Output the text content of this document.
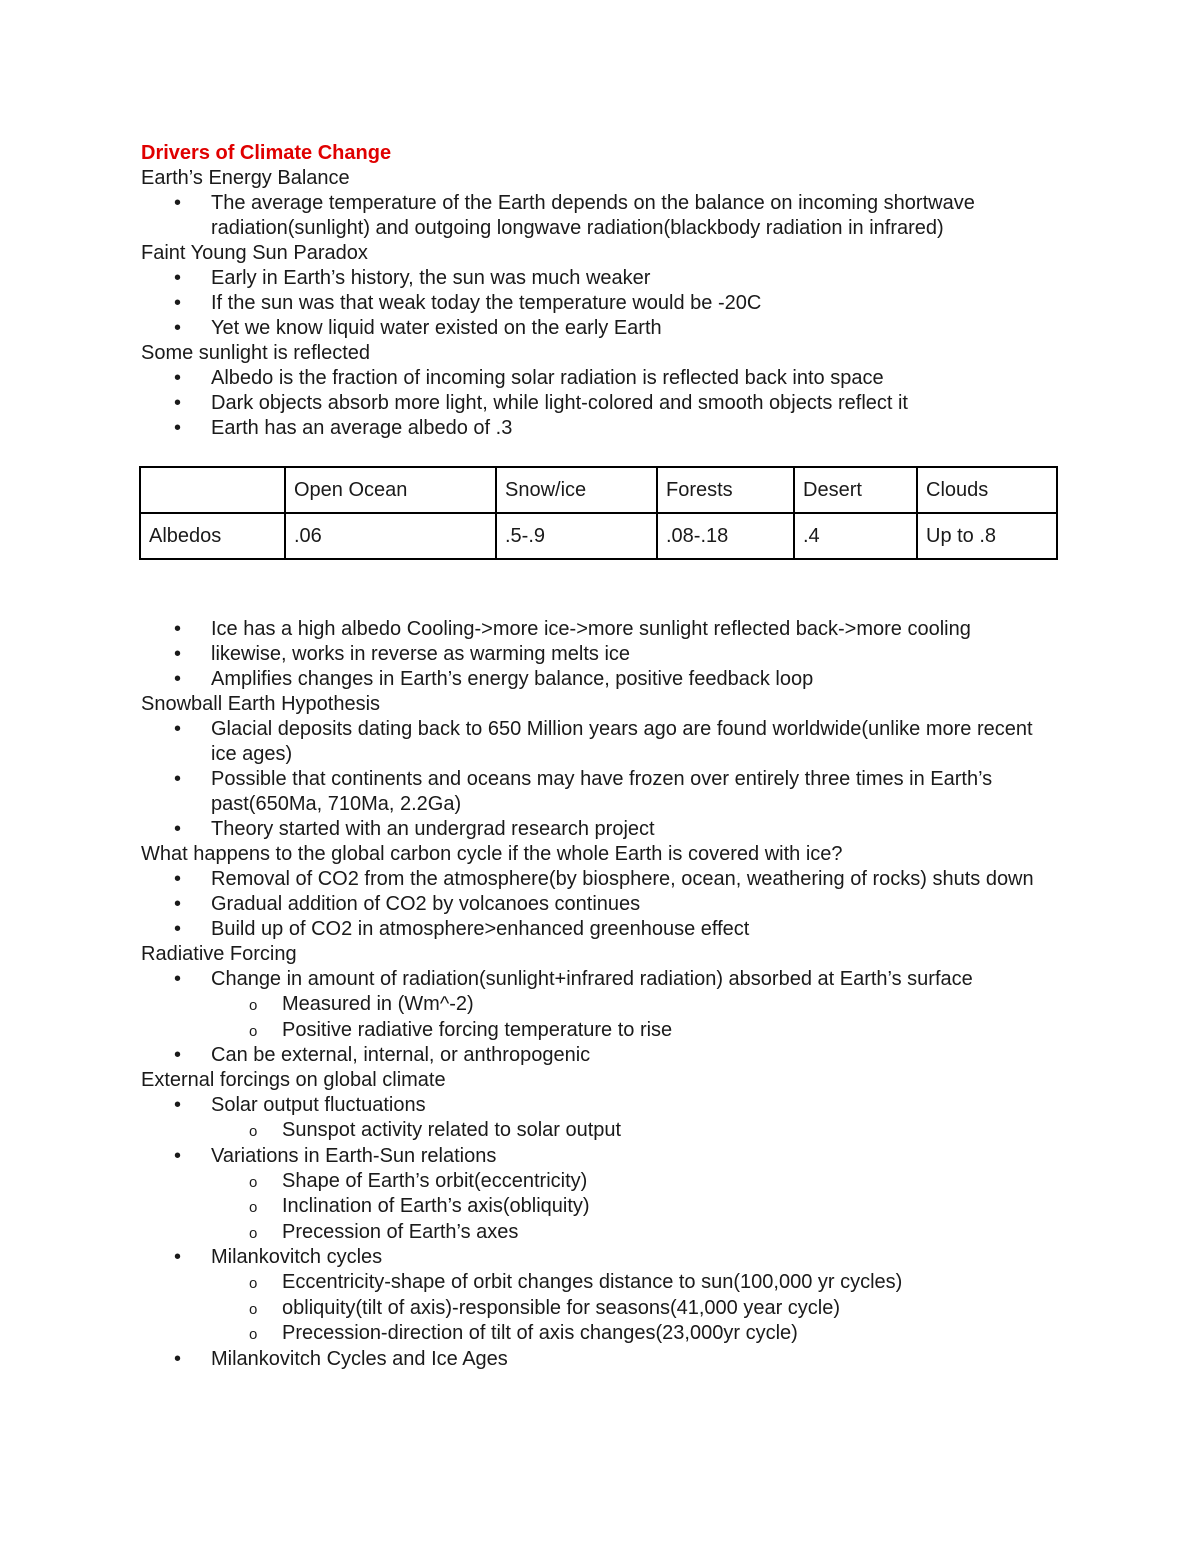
Drivers of Climate Change
Earth’s Energy Balance
• The average temperature of the Earth depends on the balance on incoming shortwave radiation(sunlight) and outgoing longwave radiation(blackbody radiation in infrared)
Faint Young Sun Paradox
• Early in Earth’s history, the sun was much weaker
• If the sun was that weak today the temperature would be -20C
• Yet we know liquid water existed on the early Earth
Some sunlight is reflected
• Albedo is the fraction of incoming solar radiation is reflected back into space
• Dark objects absorb more light, while light-colored and smooth objects reflect it
• Earth has an average albedo of .3
	Open Ocean	Snow/ice	Forests	Desert	Clouds
Albedos	.06	.5-.9	.08-.18	.4	Up to .8
• Ice has a high albedo Cooling->more ice->more sunlight reflected back->more cooling
• likewise, works in reverse as warming melts ice
• Amplifies changes in Earth’s energy balance, positive feedback loop
Snowball Earth Hypothesis
• Glacial deposits dating back to 650 Million years ago are found worldwide(unlike more recent ice ages)
• Possible that continents and oceans may have frozen over entirely three times in Earth’s past(650Ma, 710Ma, 2.2Ga)
• Theory started with an undergrad research project
What happens to the global carbon cycle if the whole Earth is covered with ice?
• Removal of CO2 from the atmosphere(by biosphere, ocean, weathering of rocks) shuts down
• Gradual addition of CO2 by volcanoes continues
• Build up of CO2 in atmosphere>enhanced greenhouse effect
Radiative Forcing
• Change in amount of radiation(sunlight+infrared radiation) absorbed at Earth’s surface
o Measured in (Wm^-2)
o Positive radiative forcing temperature to rise
• Can be external, internal, or anthropogenic
External forcings on global climate
• Solar output fluctuations
o Sunspot activity related to solar output
• Variations in Earth-Sun relations
o Shape of Earth’s orbit(eccentricity)
o Inclination of Earth’s axis(obliquity)
o Precession of Earth’s axes
• Milankovitch cycles
o Eccentricity-shape of orbit changes distance to sun(100,000 yr cycles)
o obliquity(tilt of axis)-responsible for seasons(41,000 year cycle)
o Precession-direction of tilt of axis changes(23,000yr cycle)
• Milankovitch Cycles and Ice Ages
